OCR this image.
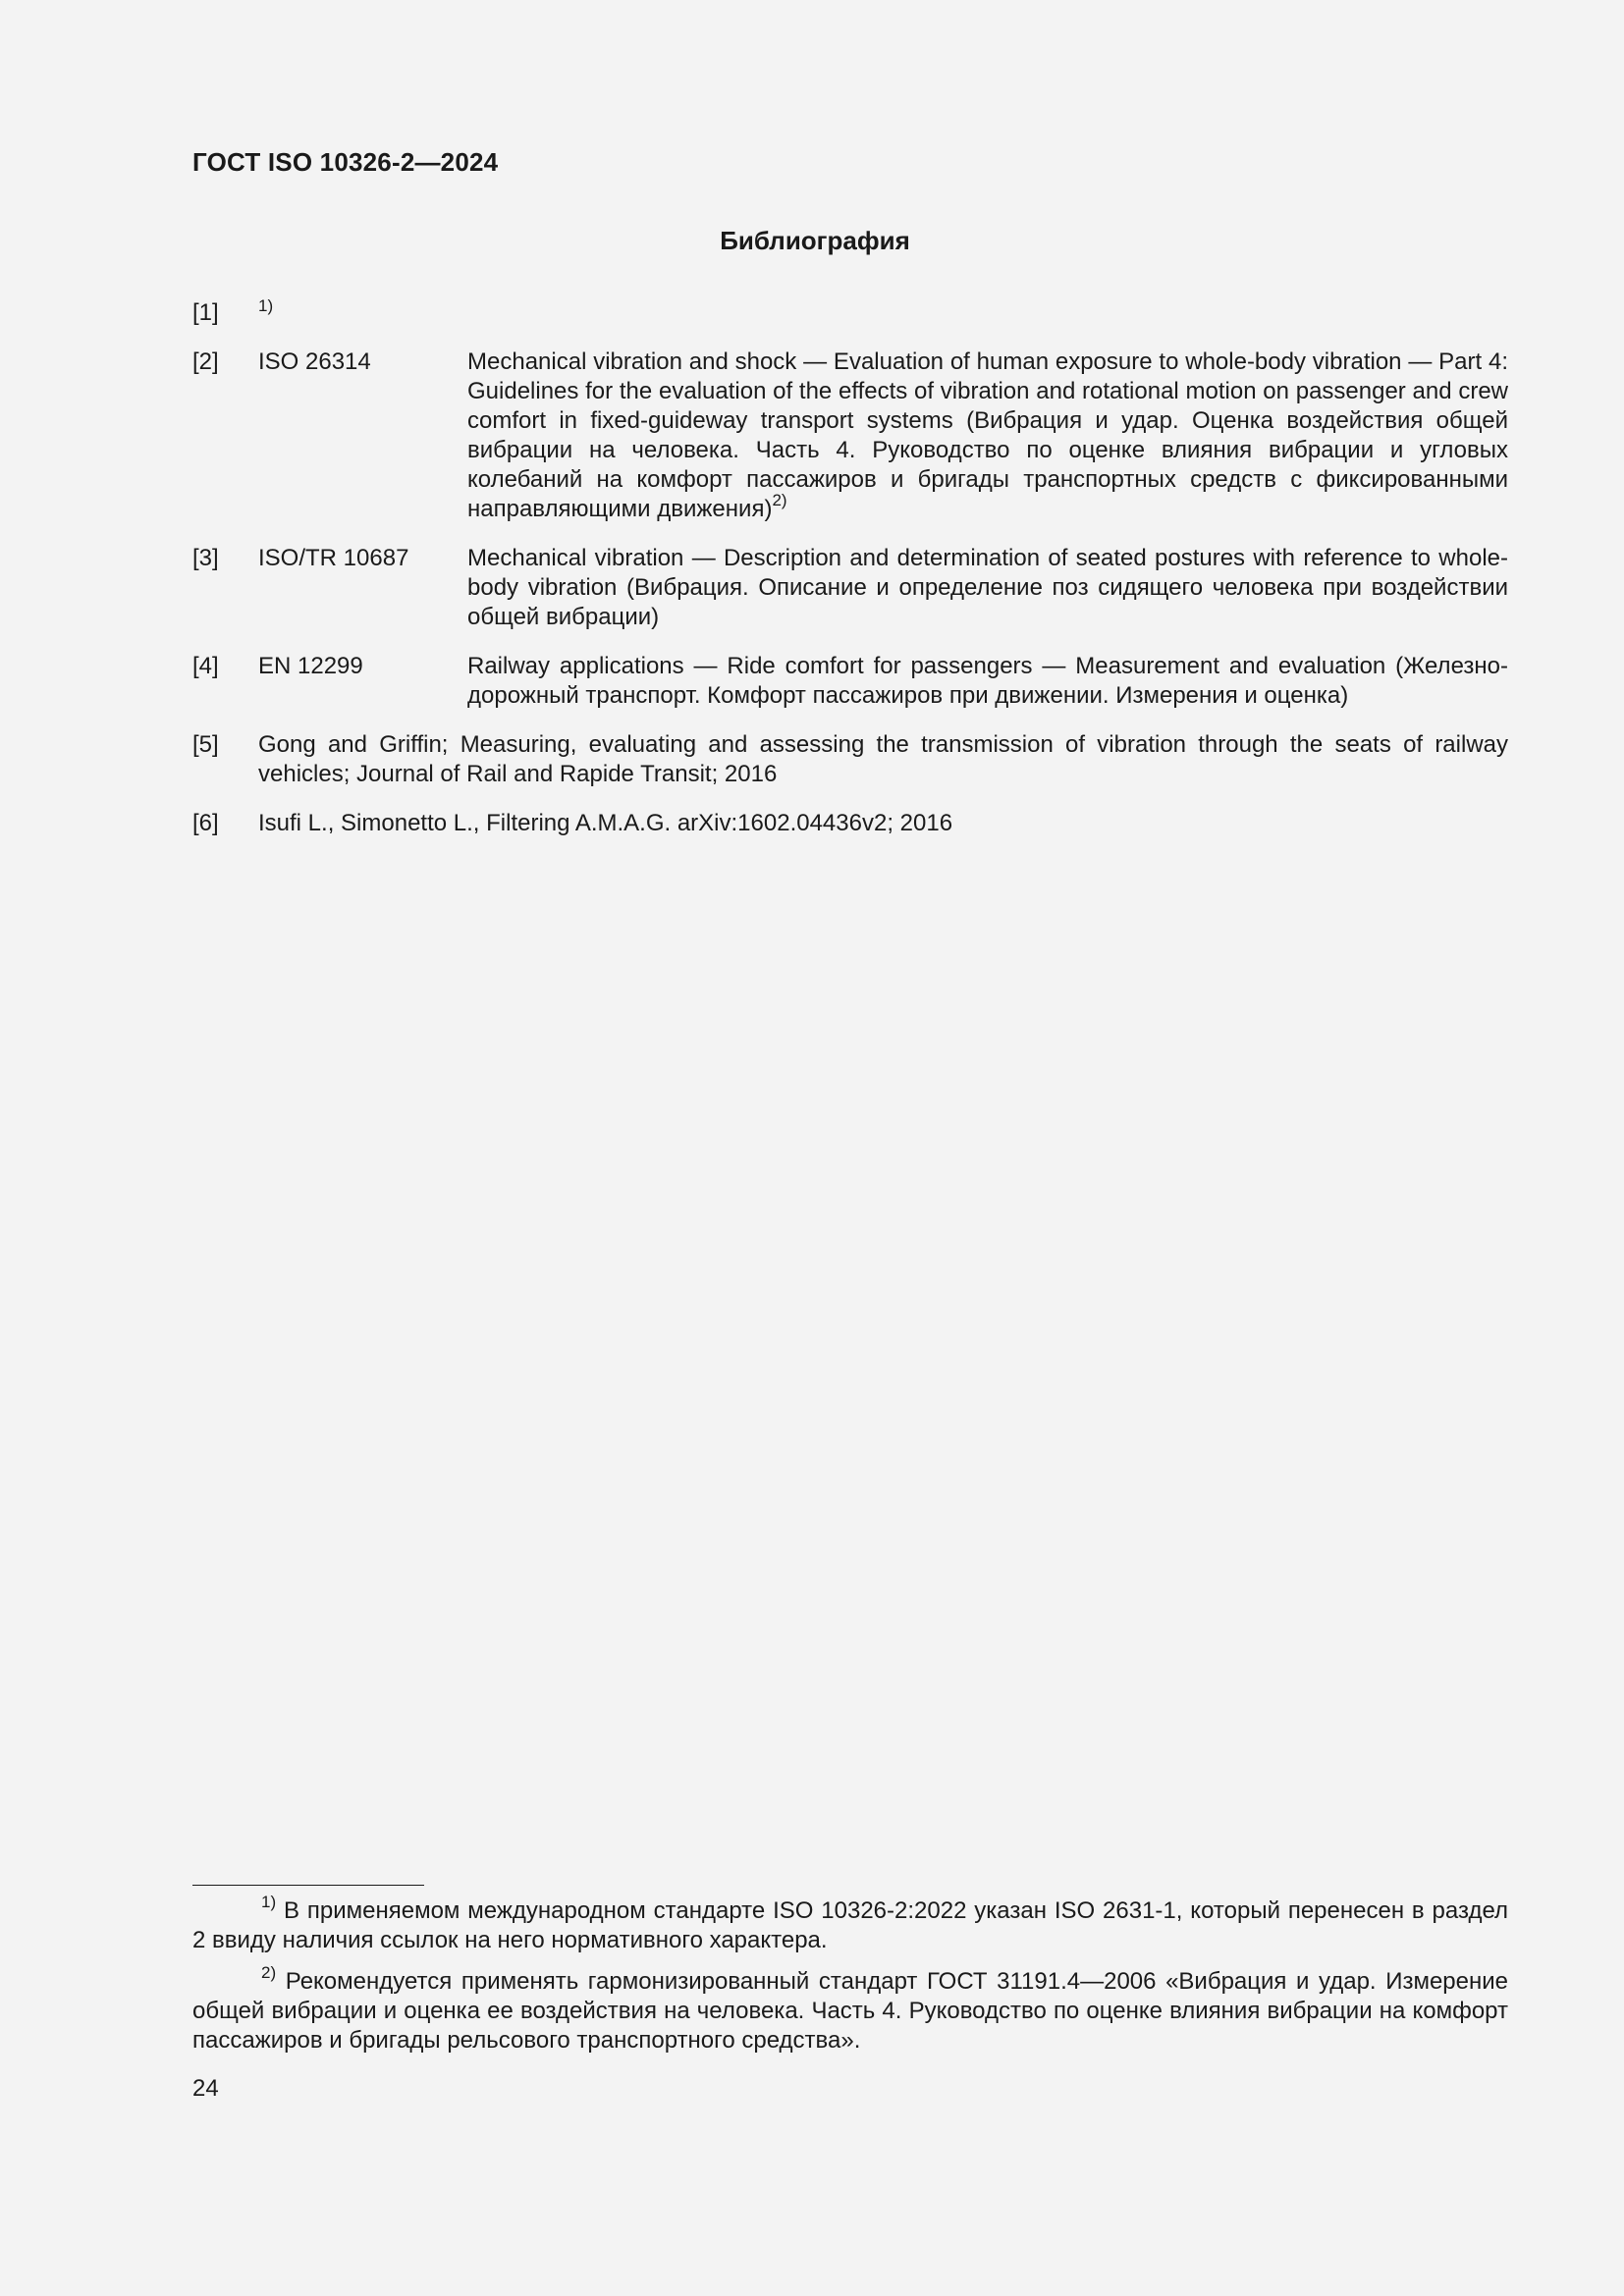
ГОСТ ISO 10326-2—2024
Библиография
[1]	$^{1)}$
[2]	ISO 26314	Mechanical vibration and shock — Evaluation of human exposure to whole-body vibration — Part 4: Guidelines for the evaluation of the effects of vibration and rotational motion on passenger and crew comfort in fixed-guideway transport systems (Вибрация и удар. Оценка воздействия общей вибрации на человека. Часть 4. Руководство по оценке влияния вибрации и угловых колебаний на комфорт пассажиров и бригады транспортных средств с фиксированными направляющими движения)$^{2)}$
[3]	ISO/TR 10687	Mechanical vibration — Description and determination of seated postures with reference to whole-body vibration (Вибрация. Описание и определение поз сидящего человека при воздействии общей вибрации)
[4]	EN 12299	Railway applications — Ride comfort for passengers — Measurement and evaluation (Железнодорожный транспорт. Комфорт пассажиров при движении. Измерения и оценка)
[5]	Gong and Griffin; Measuring, evaluating and assessing the transmission of vibration through the seats of railway vehicles; Journal of Rail and Rapide Transit; 2016
[6]	Isufi L., Simonetto L., Filtering A.M.A.G. arXiv:1602.04436v2; 2016
$^{1)}$ В применяемом международном стандарте ISO 10326-2:2022 указан ISO 2631-1, который перенесен в раздел 2 ввиду наличия ссылок на него нормативного характера.
$^{2)}$ Рекомендуется применять гармонизированный стандарт ГОСТ 31191.4—2006 «Вибрация и удар. Измерение общей вибрации и оценка ее воздействия на человека. Часть 4. Руководство по оценке влияния вибрации на комфорт пассажиров и бригады рельсового транспортного средства».
24
